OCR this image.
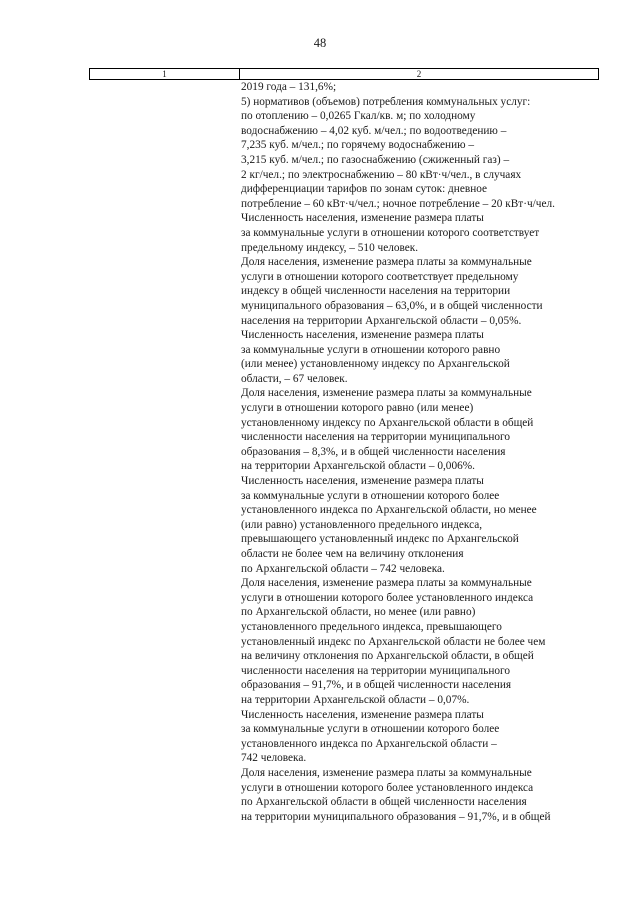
48
1	2
2019 года – 131,6%;
5) нормативов (объемов) потребления коммунальных услуг:
по отоплению – 0,0265 Гкал/кв. м; по холодному
водоснабжению – 4,02 куб. м/чел.; по водоотведению –
7,235 куб. м/чел.; по горячему водоснабжению –
3,215 куб. м/чел.; по газоснабжению (сжиженный газ) –
2 кг/чел.; по электроснабжению – 80 кВт·ч/чел., в случаях
дифференциации тарифов по зонам суток: дневное
потребление – 60 кВт·ч/чел.; ночное потребление – 20 кВт·ч/чел.
Численность населения, изменение размера платы
за коммунальные услуги в отношении которого соответствует
предельному индексу, – 510 человек.
Доля населения, изменение размера платы за коммунальные
услуги в отношении которого соответствует предельному
индексу в общей численности населения на территории
муниципального образования – 63,0%, и в общей численности
населения на территории Архангельской области – 0,05%.
Численность населения, изменение размера платы
за коммунальные услуги в отношении которого равно
(или менее) установленному индексу по Архангельской
области, – 67 человек.
Доля населения, изменение размера платы за коммунальные
услуги в отношении которого равно (или менее)
установленному индексу по Архангельской области в общей
численности населения на территории муниципального
образования – 8,3%, и в общей численности населения
на территории Архангельской области – 0,006%.
Численность населения, изменение размера платы
за коммунальные услуги в отношении которого более
установленного индекса по Архангельской области, но менее
(или равно) установленного предельного индекса,
превышающего установленный индекс по Архангельской
области не более чем на величину отклонения
по Архангельской области – 742 человека.
Доля населения, изменение размера платы за коммунальные
услуги в отношении которого более установленного индекса
по Архангельской области, но менее (или равно)
установленного предельного индекса, превышающего
установленный индекс по Архангельской области не более чем
на величину отклонения по Архангельской области, в общей
численности населения на территории муниципального
образования – 91,7%, и в общей численности населения
на территории Архангельской области – 0,07%.
Численность населения, изменение размера платы
за коммунальные услуги в отношении которого более
установленного индекса по Архангельской области –
742 человека.
Доля населения, изменение размера платы за коммунальные
услуги в отношении которого более установленного индекса
по Архангельской области в общей численности населения
на территории муниципального образования – 91,7%, и в общей
